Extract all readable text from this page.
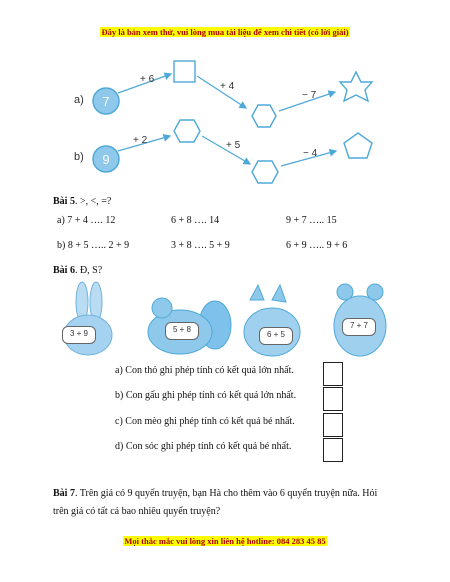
Đây là bản xem thử, vui lòng mua tài liệu để xem chi tiết (có lời giải)
a) 7
+ 6
+ 4
− 7
b) 9
+ 2	+ 5
− 4
Bài 5. >, <, =?
a) 7 + 4 …. 12	6 + 8 …. 14	9 + 7 ….. 15
b) 8 + 5 ….. 2 + 9	3 + 8 …. 5 + 9	6 + 9 ….. 9 + 6
Bài 6. Đ, S?
3 + 9	5 + 8
6 + 5
7 + 7
a) Con thỏ ghi phép tính có kết quả lớn nhất.
b) Con gấu ghi phép tính có kết quả lớn nhất.
c) Con mèo ghi phép tính có kết quả bé nhất.
d) Con sóc ghi phép tính có kết quả bé nhất.
Bài 7. Trên giá có 9 quyển truyện, bạn Hà cho thêm vào 6 quyển truyện nữa. Hỏi
trên giá có tất cả bao nhiêu quyển truyện?
Mọi thắc mắc vui lòng xin liên hệ hotline: 084 283 45 85
